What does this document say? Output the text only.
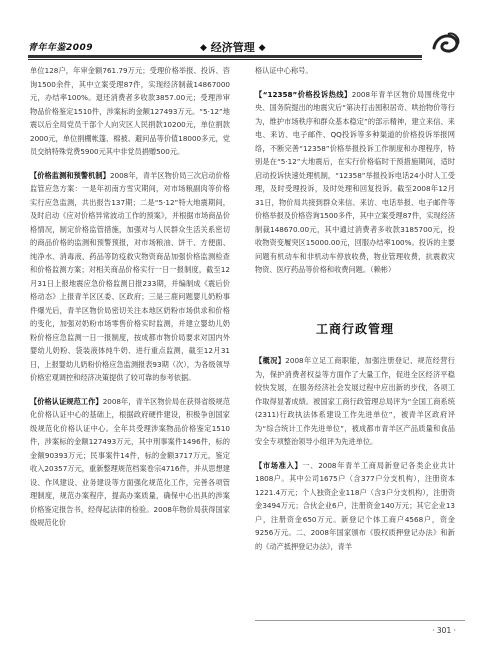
青年年鉴2009	◆ 经济管理 ◆

单位128户，年审金额761.79万元；受理价格举报、投诉、咨询1500余件，其中立案受理87件，实现经济制裁14867000元，办结率100%。退还消费者多收款3857.00元；受理涉审物品价格鉴定1510件，涉案标的金额127493万元。“5·12”地震以后全局党员干部个人向灾区人民捐款10200元，单位捐款2000元，单位捐棚帐篷、棉被、避问品等价值18000多元，党员交纳特殊党费5900元其中非党员捐赠500元。

【价格监测和预警机制】2008年，青羊区物价局三次启动价格监管应急方案：一是年初南方雪灾期间，对市场粮副肉等价格实行应急监测，共出报告137期；二是“5·12”特大地震期间，及时启动《应对价格异常波动工作的预案》，并根据市场商品价格情况，制定价格监管措施，加强对与人民群众生活关系密切的商品价格的监测和预警预报，对市场粮油、饼干、方便面、纯净水、消毒液、药品等防疫救灾物资商品加强价格监测检查和价格监测方案；对相关商品价格实行一日一报制度，截至12月31日上报地震应急价格监测日报233期，并编制成《震后价格动态》上报青羊区区委、区政府；三是三鹿问题婴儿奶粉事件爆光后，青羊区物价局密切关注本地区奶粉市场供求和价格的变化，加强对奶粉市场零售价格实时监测，并建立婴幼儿奶粉价格应急监测一日一报制度，按成都市物价局要求对国内外婴幼儿奶粉、袋装液体纯牛奶、进行重点监测，截至12月31日，上报婴幼儿奶粉价格应急监测报表93期（次），为各级领导价格宏观调控和经济决策提供了较可靠的参考依据。

【价格认证规范工作】2008年，青羊区物价局在获得省级规范化价格认证中心的基础上，根据政府硬件建设，积极争创国家级规范化价格认证中心。全年共受理涉案物品价格鉴定1510件，涉案标的金额127493万元，其中刑事案件1496件，标的金额90393万元；民事案件14件，标的金额3717万元，鉴定收入20357万元，重新整理规范档案卷宗4716件，并从思想建设、作风建设、业务建设等方面强化规范化工作，完善各项管理制度，规范办案程序，提高办案质量，确保中心出具的涉案价格鉴定报告书，经得起法律的检验。2008年物价局获得国家级规范化价

格认证中心称号。

【“12358”价格投诉热线】2008年青羊区物价局围绕党中央、国务院提出的地震灾后“第决打击囤积居奇、哄抬物价等行为，维护市场秩序和群众基本稳定”的部示精神，建立来信、来电、来访、电子邮件、QQ投诉等多种渠道的价格投诉举报网络，不断完善“12358”价格举报投诉工作制度和办理程序，特别是在“5·12”大地震后，在实行价格临时干预措施期间，适时启动投诉快速处理机制，“12358”举报投诉电话24小时人工受理，及时受理投诉，及时处理和回复投诉。截至2008年12月31日，物价局共接到群众来信、来访、电话举报、电子邮件等价格举报及价格咨询1500多件，其中立案受理87件，实现经济制裁148670.00元，其中通过消费者多收款3185700元，投收物资变履突区15000.00元，回服办结率100%。投诉的主要问题有机动车和非机动车停放收费，物业管理收费，抗震救灾物资、医疗药品等价格和收费问题。（赖彬）

工商行政管理

【概况】2008年立足工商职能，加强注册登记、规范经营行为，保护消费者权益等方面作了大量工作，促进全区经济平稳较快发展，在服务经济社会发展过程中应出新的步伐，各项工作取得显著成绩。被国家工商行政管理总局评为“全国工商系统(2311)行政执法体系建设工作先进单位”，被青羊区政府评为“综合统计工作先进单位”，被成都市青羊区产品质量和食品安全专项整治领导小组评为先进单位。

【市场准入】一、2008年青羊工商局新登记各类企业共计1808户。其中公司1675户（含377户分支机构），注册资本1221.4万元；个人独资企业118户（含3户分支机构），注册资金3494万元；合伙企业6户，注册资金140万元；其它企业13户，注册资金650万元。新登记个体工商户4568户，资金9256万元。二、2008年国家颁布《股权质押登记办法》和新的《动产抵押登记办法》，青羊

· 301 ·
